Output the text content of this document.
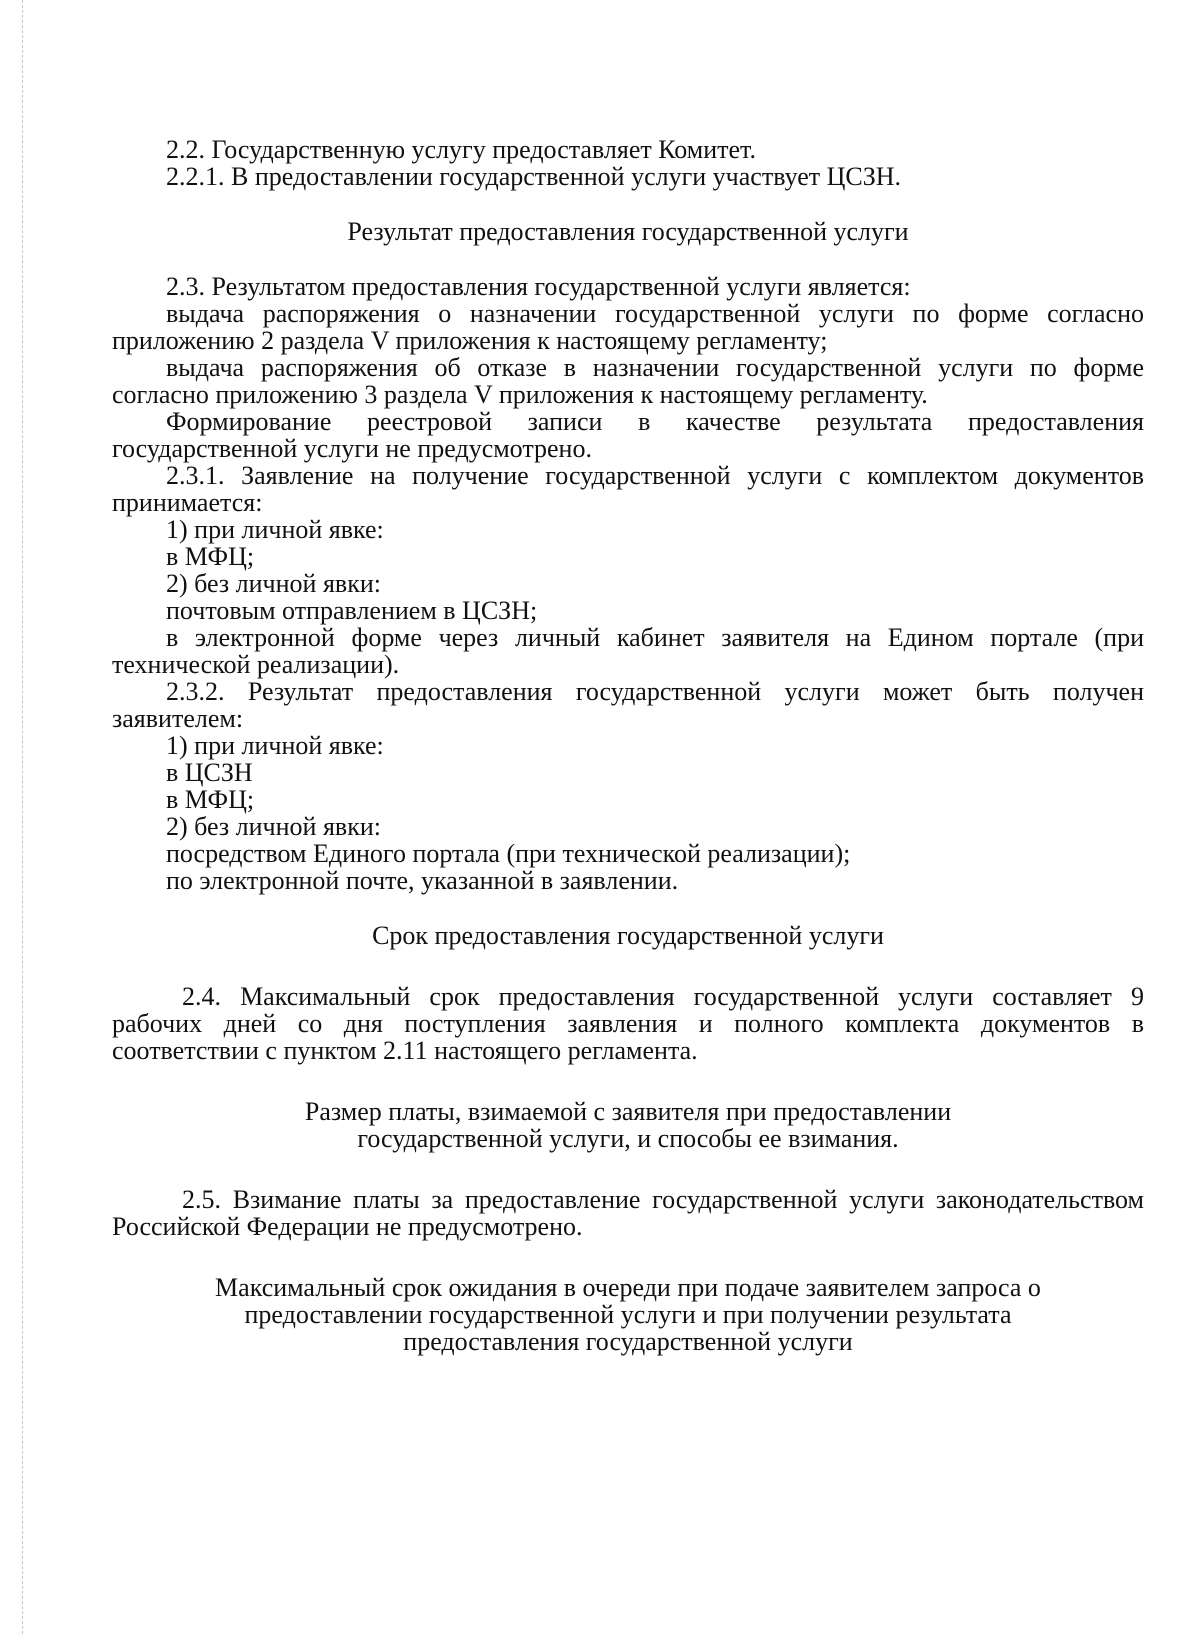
2.2. Государственную услугу предоставляет Комитет.

2.2.1. В предоставлении государственной услуги участвует ЦСЗН.

Результат предоставления государственной услуги

2.3. Результатом предоставления государственной услуги является:

выдача распоряжения о назначении государственной услуги по форме согласно приложению 2 раздела V приложения к настоящему регламенту;

выдача распоряжения об отказе в назначении государственной услуги по форме согласно приложению 3 раздела V приложения к настоящему регламенту.

Формирование реестровой записи в качестве результата предоставления государственной услуги не предусмотрено.

2.3.1. Заявление на получение государственной услуги с комплектом документов принимается:

1) при личной явке:

в МФЦ;

2) без личной явки:

почтовым отправлением в ЦСЗН;

в электронной форме через личный кабинет заявителя на Едином портале (при технической реализации).

2.3.2. Результат предоставления государственной услуги может быть получен заявителем:

1) при личной явке:

в ЦСЗН

в МФЦ;

2) без личной явки:

посредством Единого портала (при технической реализации);

по электронной почте, указанной в заявлении.

Срок предоставления государственной услуги

2.4. Максимальный срок предоставления государственной услуги составляет 9 рабочих дней со дня поступления заявления и полного комплекта документов в соответствии с пунктом 2.11 настоящего регламента.

Размер платы, взимаемой с заявителя при предоставлении

государственной услуги, и способы ее взимания.

2.5. Взимание платы за предоставление государственной услуги законодательством Российской Федерации не предусмотрено.

Максимальный срок ожидания в очереди при подаче заявителем запроса о

предоставлении государственной услуги и при получении результата

предоставления государственной услуги
